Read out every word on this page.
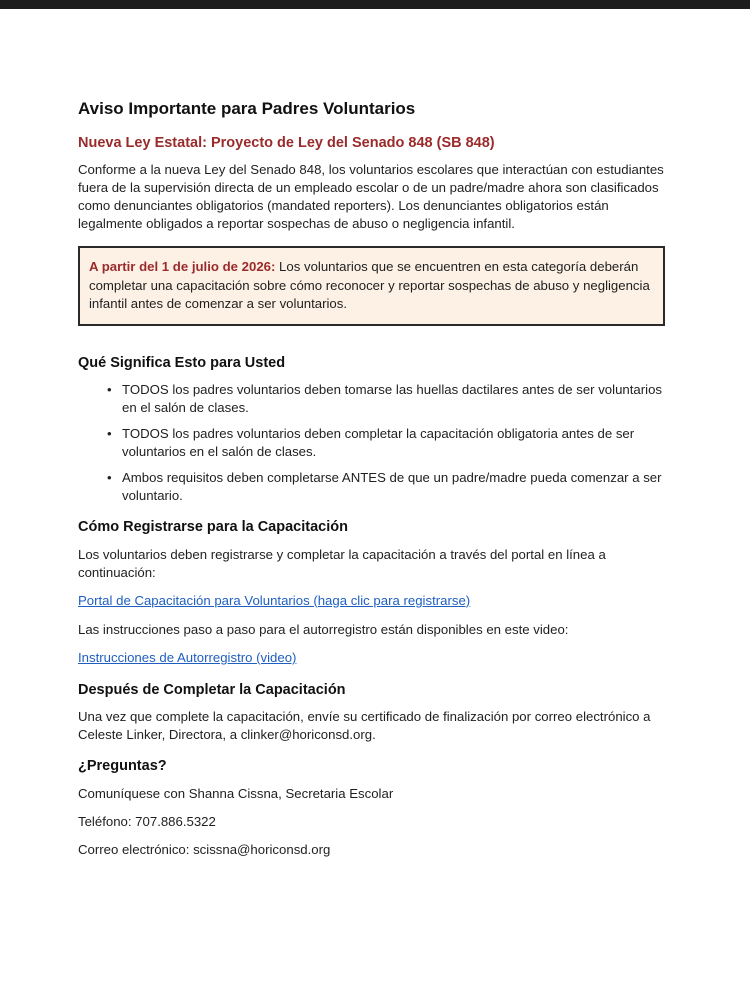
Aviso Importante para Padres Voluntarios
Nueva Ley Estatal: Proyecto de Ley del Senado 848 (SB 848)

Conforme a la nueva Ley del Senado 848, los voluntarios escolares que interactúan con estudiantes fuera de la supervisión directa de un empleado escolar o de un padre/madre ahora son clasificados como denunciantes obligatorios (mandated reporters). Los denunciantes obligatorios están legalmente obligados a reportar sospechas de abuso o negligencia infantil.

A partir del 1 de julio de 2026: Los voluntarios que se encuentren en esta categoría deberán completar una capacitación sobre cómo reconocer y reportar sospechas de abuso y negligencia infantil antes de comenzar a ser voluntarios.
Qué Significa Esto para Usted
• TODOS los padres voluntarios deben tomarse las huellas dactilares antes de ser voluntarios en el salón de clases.
• TODOS los padres voluntarios deben completar la capacitación obligatoria antes de ser voluntarios en el salón de clases.
• Ambos requisitos deben completarse ANTES de que un padre/madre pueda comenzar a ser voluntario.
Cómo Registrarse para la Capacitación

Los voluntarios deben registrarse y completar la capacitación a través del portal en línea a continuación:

Portal de Capacitación para Voluntarios (haga clic para registrarse)

Las instrucciones paso a paso para el autorregistro están disponibles en este video:

Instrucciones de Autorregistro (video)
Después de Completar la Capacitación

Una vez que complete la capacitación, envíe su certificado de finalización por correo electrónico a Celeste Linker, Directora, a clinker@horiconsd.org.

¿Preguntas?

Comuníquese con Shanna Cissna, Secretaria Escolar

Teléfono: 707.886.5322

Correo electrónico: scissna@horiconsd.org
